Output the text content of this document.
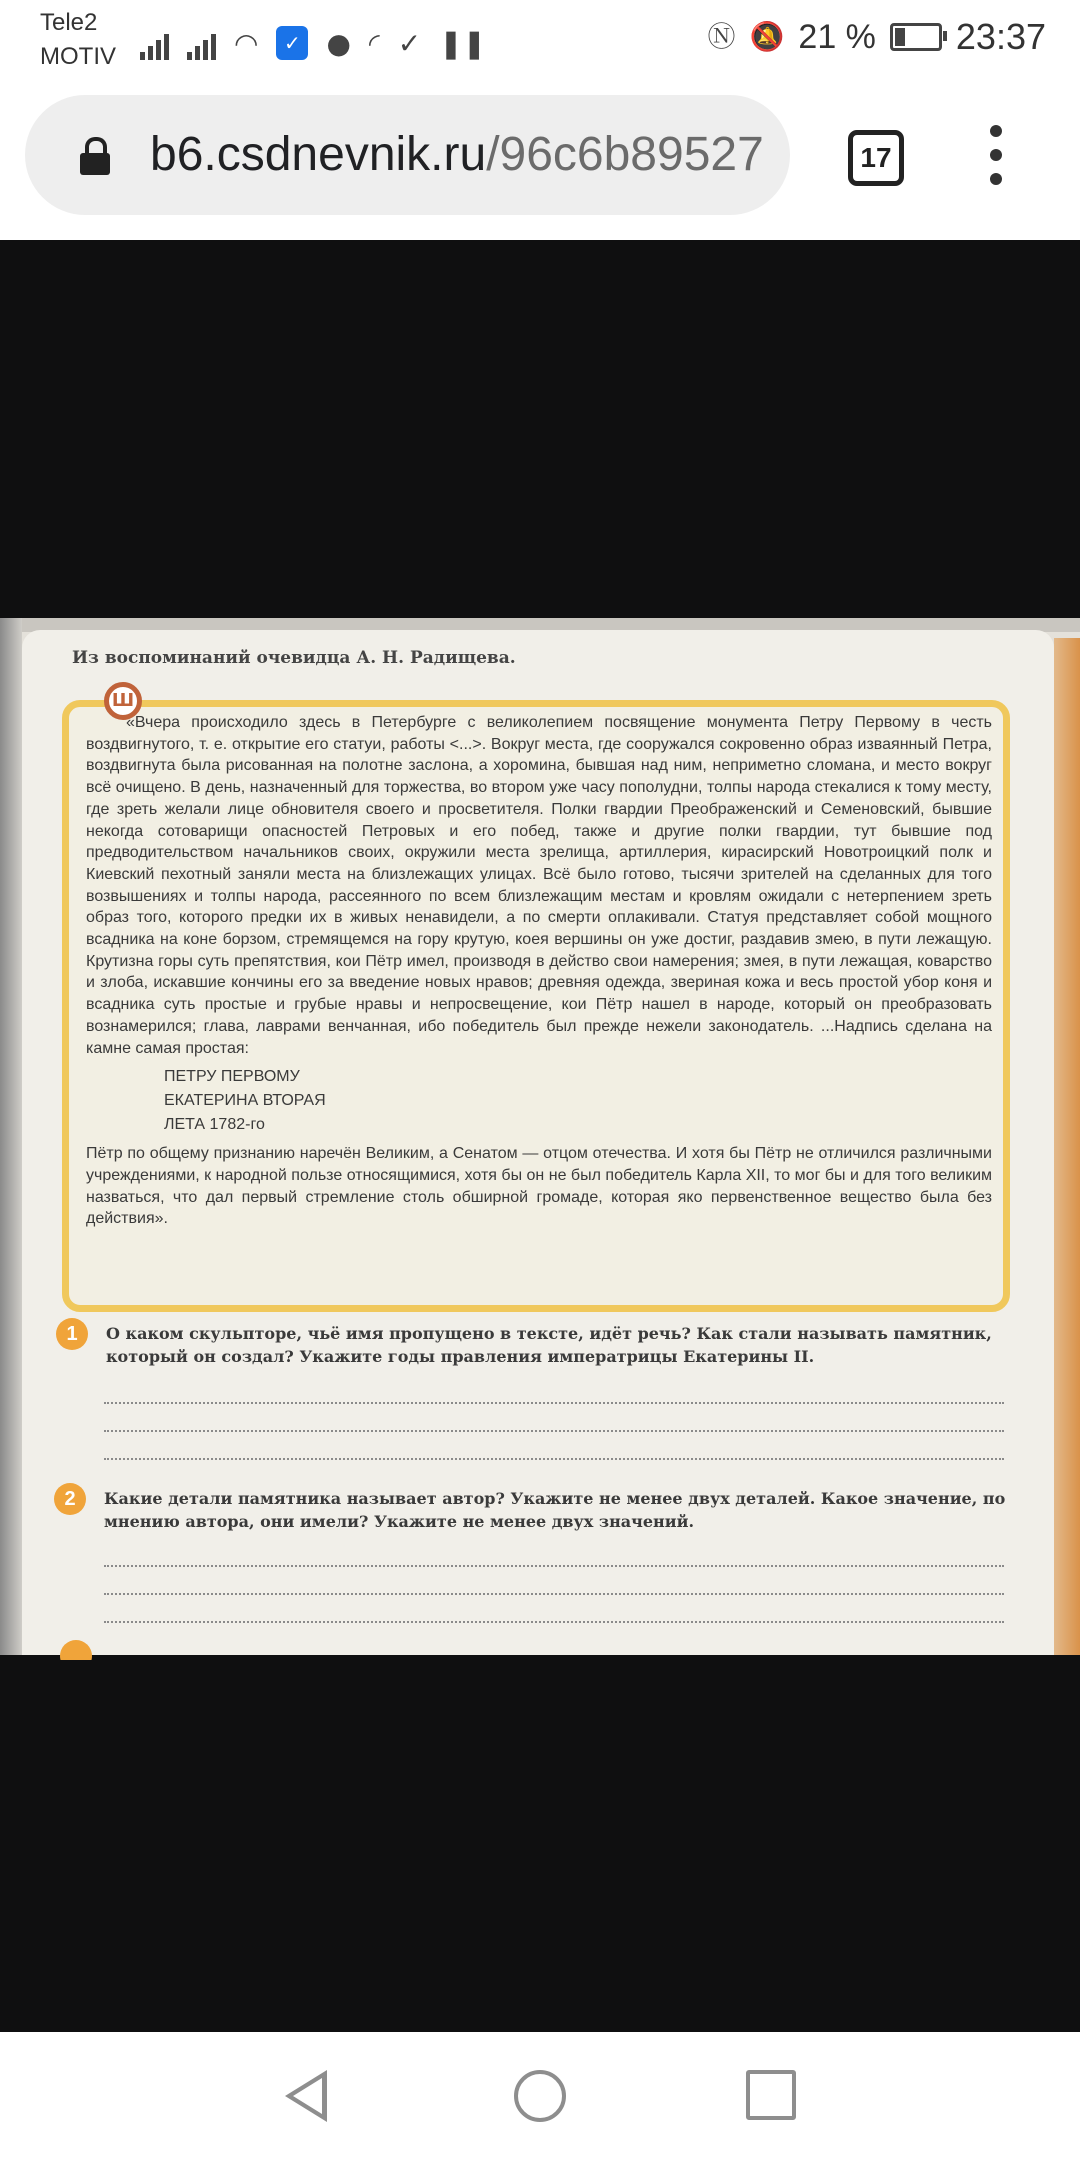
Tele2
MOTIV	◠	✓ ● ◜ ✓ ❚❚	Ⓝ 🔕 21 % 23:37
b6.csdnevnik.ru/96c6b89527	17
Из воспоминаний очевидца А. Н. Радищева.
Ш

«Вчера происходило здесь в Петербурге с великолепием посвящение монумента Петру Первому в честь воздвигнутого, т. е. открытие его статуи, работы <...>. Вокруг места, где сооружался сокровенно образ изваянный Петра, воздвигнута была рисованная на полотне заслона, а хоромина, бывшая над ним, неприметно сломана, и место вокруг всё очищено. В день, назначенный для торжества, во втором уже часу пополудни, толпы народа стекалися к тому месту, где зреть желали лице обновителя своего и просветителя. Полки гвардии Преображенский и Семеновский, бывшие некогда сотоварищи опасностей Петровых и его побед, также и другие полки гвардии, тут бывшие под предводительством начальников своих, окружили места зрелища, артиллерия, кирасирский Новотроицкий полк и Киевский пехотный заняли места на близлежащих улицах. Всё было готово, тысячи зрителей на сделанных для того возвышениях и толпы народа, рассеянного по всем близлежащим местам и кровлям ожидали с нетерпением зреть образ того, которого предки их в живых ненавидели, а по смерти оплакивали. Статуя представляет собой мощного всадника на коне борзом, стремящемся на гору крутую, коея вершины он уже достиг, раздавив змею, в пути лежащую. Крутизна горы суть препятствия, кои Пётр имел, производя в действо свои намерения; змея, в пути лежащая, коварство и злоба, искавшие кончины его за введение новых нравов; древняя одежда, звериная кожа и весь простой убор коня и всадника суть простые и грубые нравы и непросвещение, кои Пётр нашел в народе, который он преобразовать вознамерился; глава, лаврами венчанная, ибо победитель был прежде нежели законодатель. ...Надпись сделана на камне самая простая:

ПЕТРУ ПЕРВОМУ
ЕКАТЕРИНА ВТОРАЯ
ЛЕТА 1782-го

Пётр по общему признанию наречён Великим, а Сенатом — отцом отечества. И хотя бы Пётр не отличился различными учреждениями, к народной пользе относящимися, хотя бы он не был победитель Карла XII, то мог бы и для того великим назваться, что дал первый стремление столь обширной громаде, которая яко первенственное вещество была без действия».

1	О каком скульпторе, чьё имя пропущено в тексте, идёт речь? Как стали называть памятник, который он создал? Укажите годы правления императрицы Екатерины II.
2	Какие детали памятника называет автор? Укажите не менее двух деталей. Какое значение, по мнению автора, они имели? Укажите не менее двух значений.
